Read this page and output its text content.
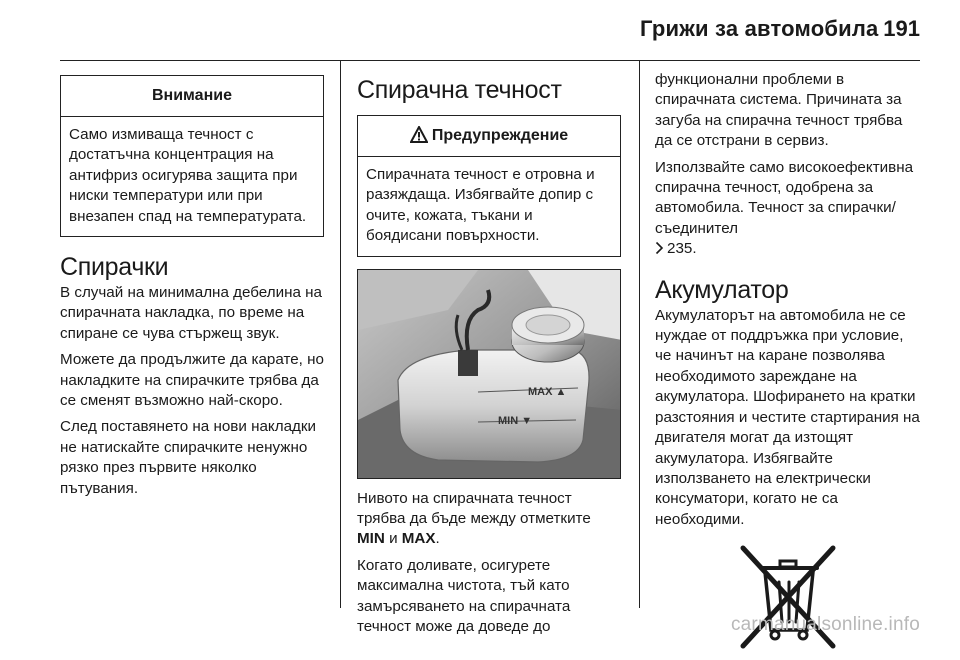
Грижи за автомобила 191
Внимание
Само измиваща течност с достатъчна концентрация на антифриз осигурява защита при ниски температури или при внезапен спад на температурата.
Спирачки

В случай на минимална дебелина на спирачната накладка, по време на спиране се чува стържещ звук.

Можете да продължите да карате, но накладките на спирачките трябва да се сменят възможно най-скоро.

След поставянето на нови накладки не натискайте спирачките ненужно рязко през първите няколко пътувания.

Спирачна течност
Предупреждение
Спирачната течност е отровна и разяждаща. Избягвайте допир с очите, кожата, тъкани и боядисани повърхности.
MAX ▲
MIN ▼

Нивото на спирачната течност трябва да бъде между отметките MIN и MAX.

Когато доливате, осигурете максимална чистота, тъй като замърсяването на спирачната течност може да доведе до

функционални проблеми в спирачната система. Причината за загуба на спирачна течност трябва да се отстрани в сервиз.

Използвайте само високоефективна спирачна течност, одобрена за автомобила. Течност за спирачки/съединител

235.

Акумулатор

Акумулаторът на автомобила не се нуждае от поддръжка при условие, че начинът на каране позволява необходимото зареждане на акумулатора. Шофирането на кратки разстояния и честите стартирания на двигателя могат да изтощят акумулатора. Избягвайте използването на електрически консуматори, когато не са необходими.

carmanualsonline.info
